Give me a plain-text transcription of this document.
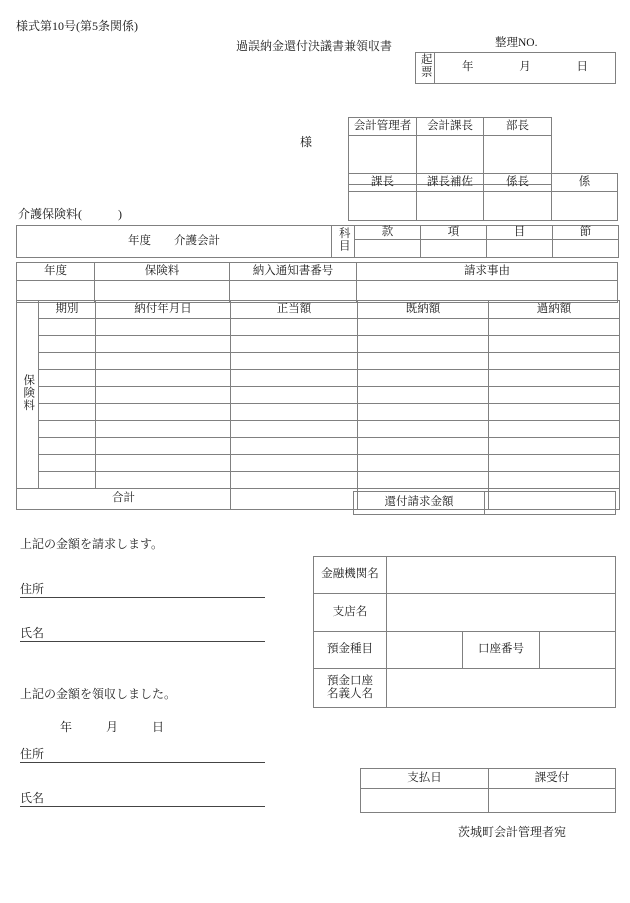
様式第10号(第5条関係)
過誤納金還付決議書兼領収書	整理NO.
起票	年	月	日
様
会計管理者	会計課長	部長

課長	課長補佐	係長	係

介護保険料(　　　)
年度　　介護会計	科目	款	項	目	節

年度	保険料	納入通知書番号	請求事由

保険料	期別	納付年月日	正当額	既納額	過納額

合計						還付請求金額	
上記の金額を請求します。
住所
氏名
金融機関名			
支店名			
預金種目		口座番号	
預金口座
名義人名			
上記の金額を領収しました。
年	月	日
住所
氏名
支払日	課受付

茨城町会計管理者宛
